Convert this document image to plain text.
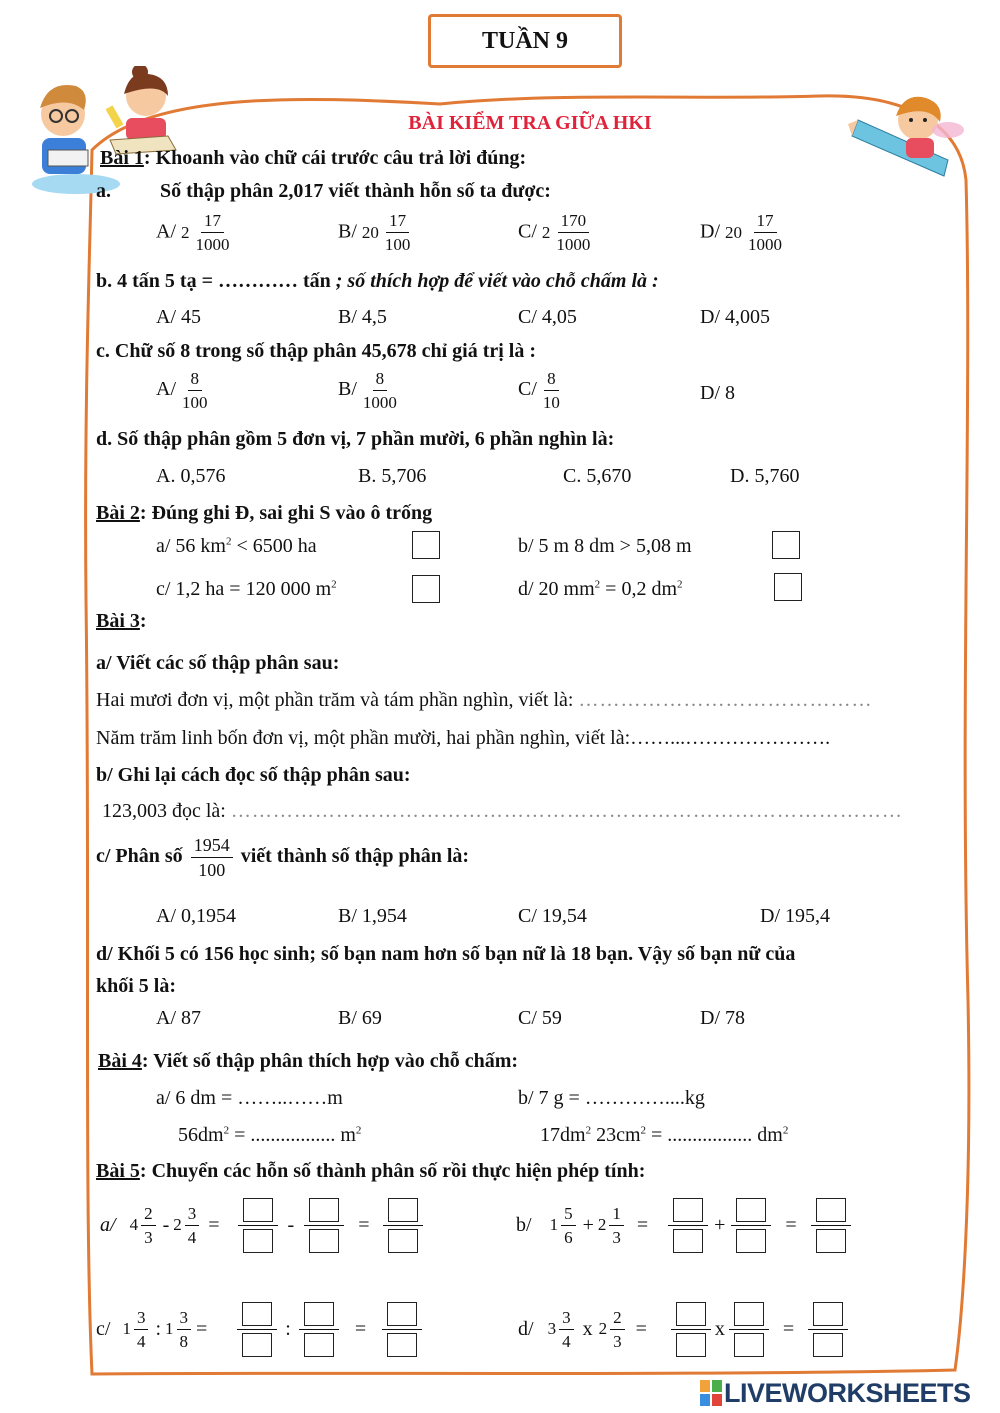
TUẦN 9
BÀI KIỂM TRA GIỮA HKI
Bài 1: Khoanh vào chữ cái trước câu trả lời đúng:
a. Số thập phân 2,017 viết thành hỗn số ta được:
A/ $2 \frac{17}{1000}$	B/ $20 \frac{17}{100}$	C/ $2 \frac{170}{1000}$	D/ $20 \frac{17}{1000}$
b. 4 tấn 5 tạ = ………… tấn ; số thích hợp để viết vào chỗ chấm là :
A/ 45	B/ 4,5	C/ 4,05	D/ 4,005
c. Chữ số 8 trong số thập phân 45,678 chỉ giá trị là :
$A/ \frac{8}{100}$	$B/ \frac{8}{1000}$	$C/ \frac{8}{10}$	D/ 8
d. Số thập phân gồm 5 đơn vị, 7 phần mười, 6 phần nghìn là:
A. 0,576	B. 5,706	C. 5,670	D. 5,760
Bài 2: Đúng ghi Đ, sai ghi S vào ô trống
a/ 56 $km^2 < 6500$ ha	b/ 5 m 8 dm > 5,08 m
c/ 1,2 ha = 120 000 $m^2$	d/ 20 $mm^2 = 0,2$ $dm^2$
Bài 3 :
a/ Viết các số thập phân sau:
Hai mươi đơn vị, một phần trăm và tám phần nghìn, viết là: ……………………………………
Năm trăm linh bốn đơn vị, một phần mười, hai phần nghìn, viết là:……...………………….
b/ Ghi lại cách đọc số thập phân sau:
123,003 đọc là: ……………………………………………………………………………………
c/ Phân số $\frac{1954}{100}$ viết thành số thập phân là:
A/ 0,1954	B/ 1,954	C/ 19,54	D/ 195,4
d/ Khối 5 có 156 học sinh; số bạn nam hơn số bạn nữ là 18 bạn. Vậy số bạn nữ của
khối 5 là:
A/ 87	B/ 69	C/ 59	D/ 78
Bài 4: Viết số thập phân thích hợp vào chỗ chấm:
a/ 6 dm = ……..……m	b/ 7 g = …………....kg
$56dm^2$ = ................. $m^2$	$17dm^2$ $23cm^2$ = ................. $dm^2$
Bài 5: Chuyển các hỗn số thành phân số rồi thực hiện phép tính:
a/ $4 \frac{2}{3} - 2 \frac{3}{4}$ =	-	=	b/ $1 \frac{5}{6} + 2 \frac{1}{3}$ =	+	=
c/ $1 \frac{3}{4}$ : $1 \frac{3}{8}$ =	:	=	d/ $3 \frac{3}{4}$ x $2 \frac{2}{3}$ =	x	=
LIVEWORKSHEETS
